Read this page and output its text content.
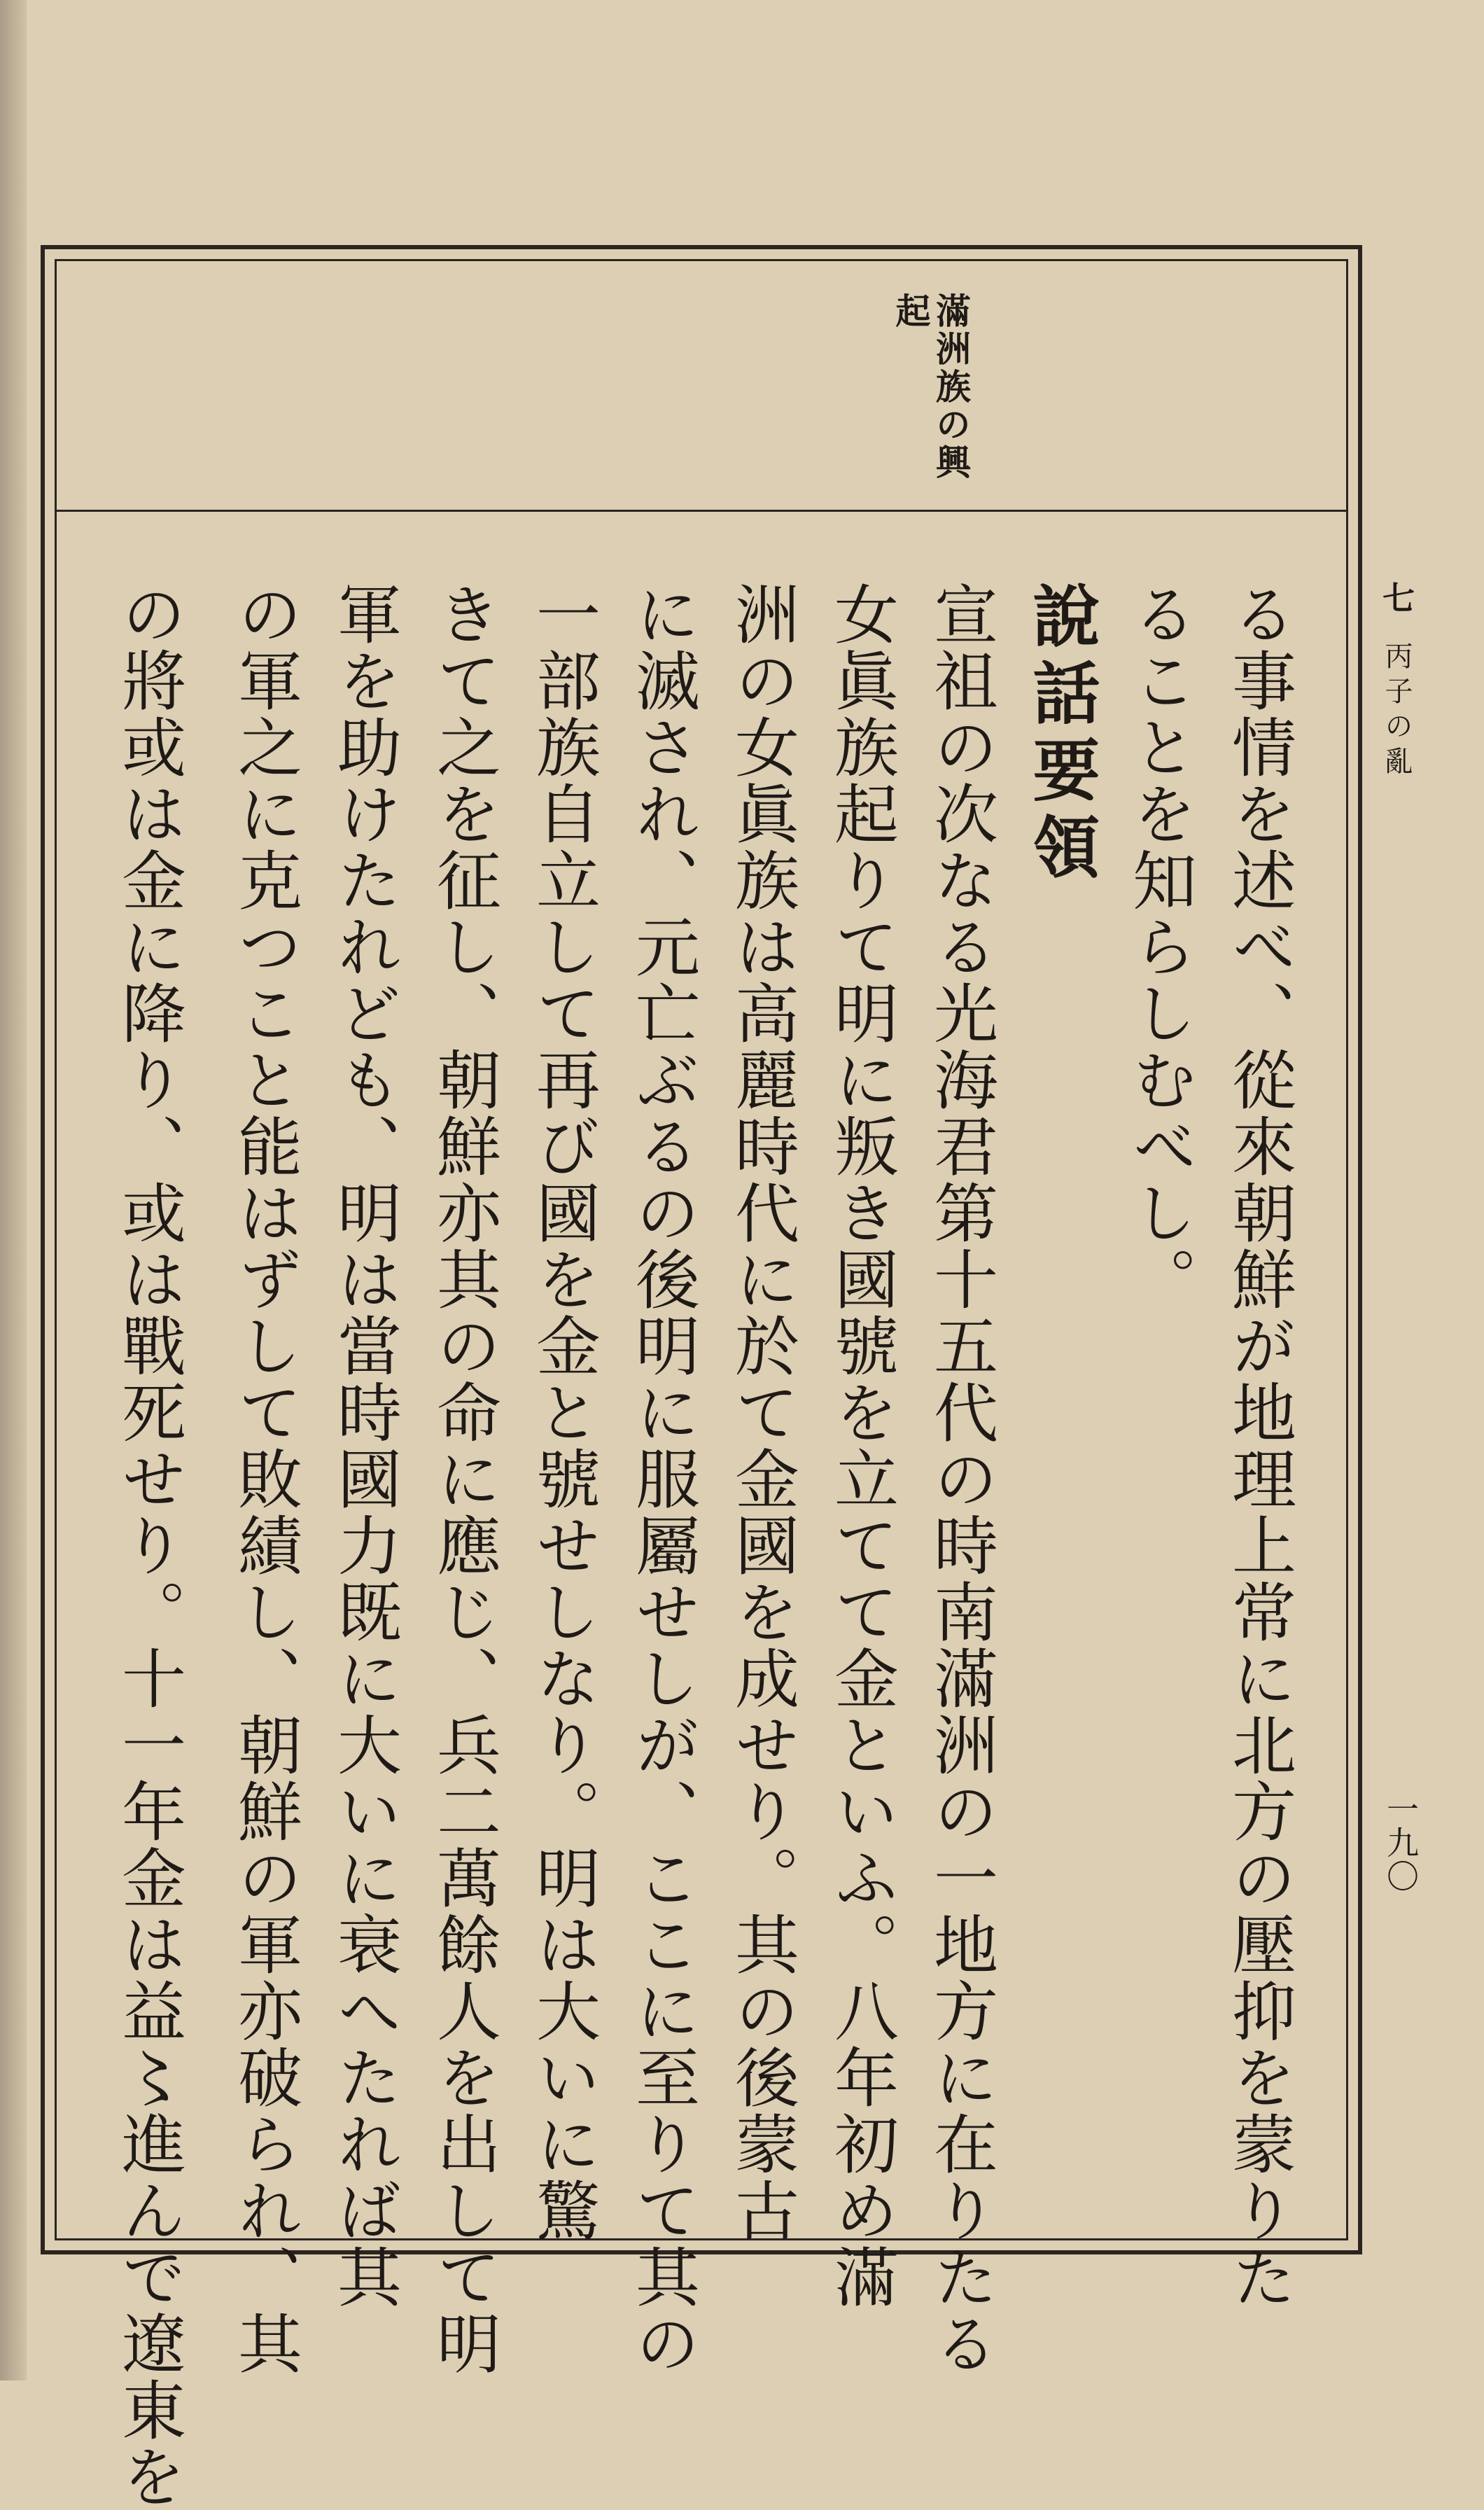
七丙子の亂
一九〇
滿洲族の興
起
る事情を述べ、從來朝鮮が地理上常に北方の壓抑を蒙りた
ることを知らしむべし。
說話要領
宣祖の次なる光海君第十五代の時南滿洲の一地方に在りたる
女眞族起りて明に叛き國號を立てて金といふ。八年初め滿
洲の女眞族は高麗時代に於て金國を成せり。其の後蒙古
に滅され、元亡ぶるの後明に服屬せしが、ここに至りて其の
一部族自立して再び國を金と號せしなり。明は大いに驚
きて之を征し、朝鮮亦其の命に應じ、兵二萬餘人を出して明
軍を助けたれども、明は當時國力既に大いに衰へたれば其
の軍之に克つこと能はずして敗績し、朝鮮の軍亦破られ、其
の將或は金に降り、或は戰死せり。十一年金は益〻進んで遼東を
